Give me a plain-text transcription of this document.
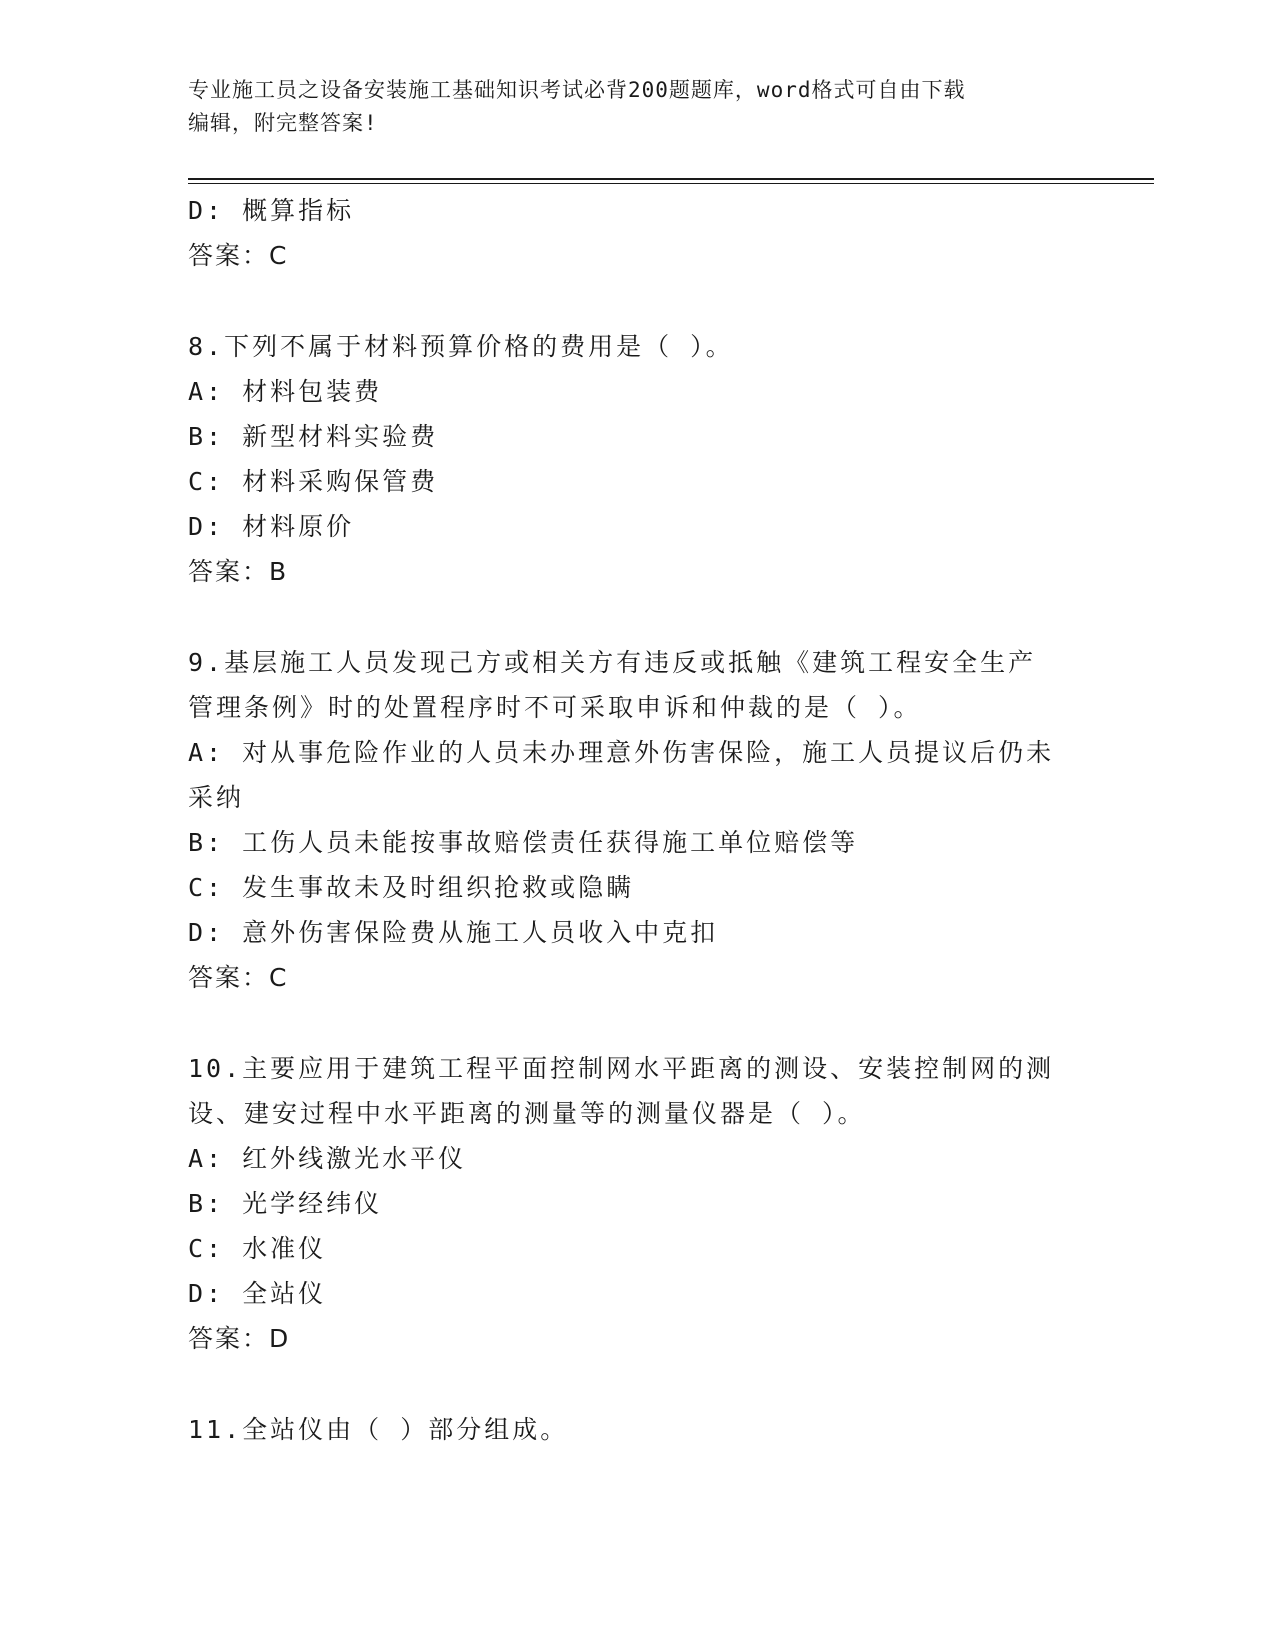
专业施工员之设备安装施工基础知识考试必背200题题库，word格式可自由下载
编辑，附完整答案!
D: 概算指标
答案：C
8.下列不属于材料预算价格的费用是（ ）。
A: 材料包装费
B: 新型材料实验费
C: 材料采购保管费
D: 材料原价
答案：B
9.基层施工人员发现己方或相关方有违反或抵触《建筑工程安全生产
管理条例》时的处置程序时不可采取申诉和仲裁的是（ ）。
A: 对从事危险作业的人员未办理意外伤害保险，施工人员提议后仍未
采纳
B: 工伤人员未能按事故赔偿责任获得施工单位赔偿等
C: 发生事故未及时组织抢救或隐瞒
D: 意外伤害保险费从施工人员收入中克扣
答案：C
10.主要应用于建筑工程平面控制网水平距离的测设、安装控制网的测
设、建安过程中水平距离的测量等的测量仪器是（ ）。
A: 红外线激光水平仪
B: 光学经纬仪
C: 水准仪
D: 全站仪
答案：D
11.全站仪由（ ）部分组成。
